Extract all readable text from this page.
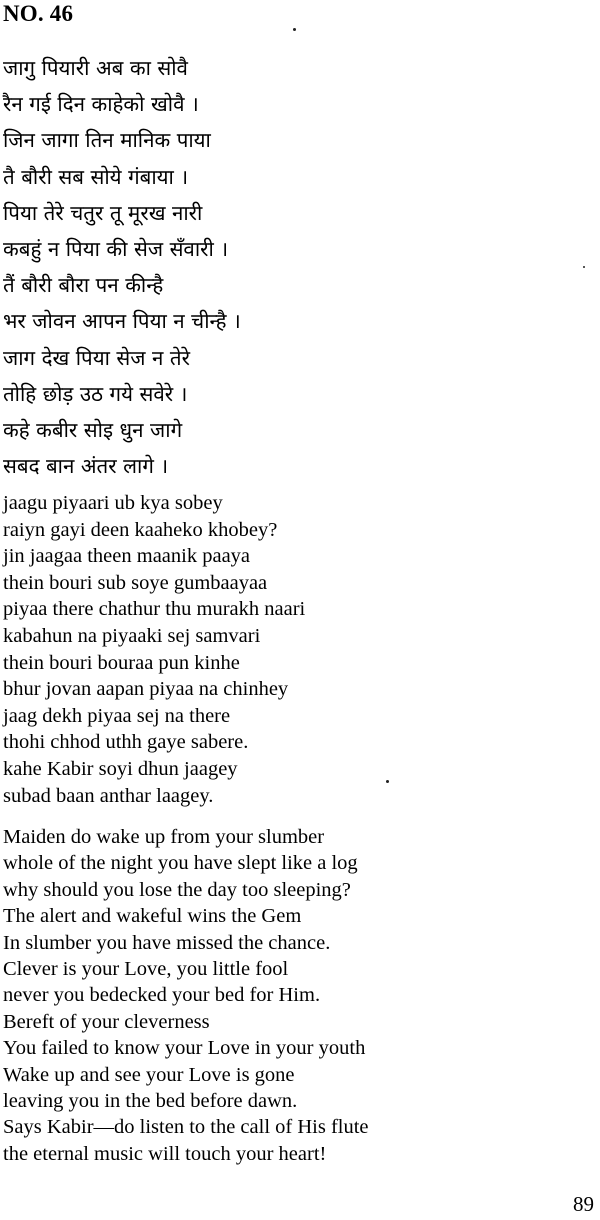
NO. 46
जागु पियारी अब का सोवै
रैन गई दिन काहेको खोवै ।
जिन जागा तिन मानिक पाया
तै बौरी सब सोये गंबाया ।
पिया तेरे चतुर तू मूरख नारी
कबहुं न पिया की सेज सँवारी ।
तैं बौरी बौरा पन कीन्है
भर जोवन आपन पिया न चीन्है ।
जाग देख पिया सेज न तेरे
तोहि छोड़ उठ गये सवेरे ।
कहे कबीर सोइ धुन जागे
सबद बान अंतर लागे ।
jaagu piyaari ub kya sobey
raiyn gayi deen kaaheko khobey?
jin jaagaa theen maanik paaya
thein bouri sub soye gumbaayaa
piyaa there chathur thu murakh naari
kabahun na piyaaki sej samvari
thein bouri bouraa pun kinhe
bhur jovan aapan piyaa na chinhey
jaag dekh piyaa sej na there
thohi chhod uthh gaye sabere.
kahe Kabir soyi dhun jaagey
subad baan anthar laagey.
Maiden do wake up from your slumber
whole of the night you have slept like a log
why should you lose the day too sleeping?
The alert and wakeful wins the Gem
In slumber you have missed the chance.
Clever is your Love, you little fool
never you bedecked your bed for Him.
Bereft of your cleverness
You failed to know your Love in your youth
Wake up and see your Love is gone
leaving you in the bed before dawn.
Says Kabir—do listen to the call of His flute
the eternal music will touch your heart!
89
